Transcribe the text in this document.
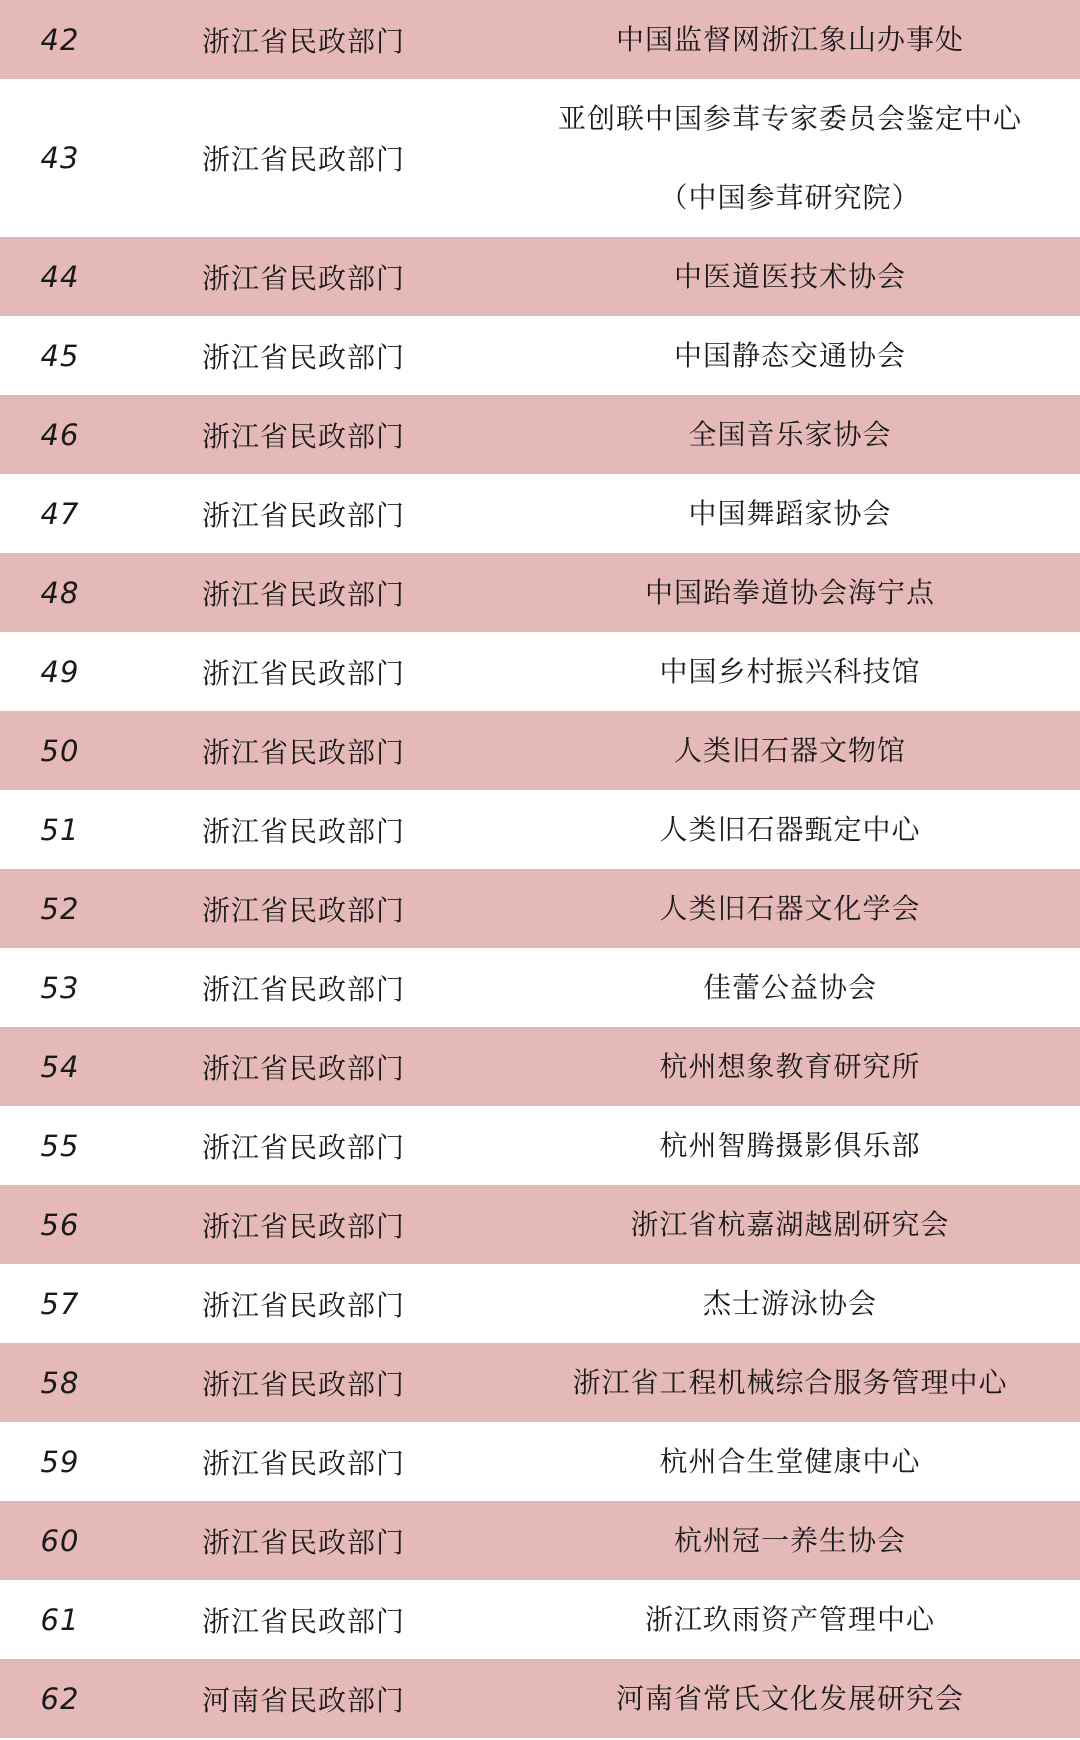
42	浙江省民政部门	中国监督网浙江象山办事处
43	浙江省民政部门
亚创联中国参茸专家委员会鉴定中心
（中国参茸研究院）
44	浙江省民政部门	中医道医技术协会
45	浙江省民政部门	中国静态交通协会
46	浙江省民政部门	全国音乐家协会
47	浙江省民政部门	中国舞蹈家协会
48	浙江省民政部门	中国跆拳道协会海宁点
49	浙江省民政部门	中国乡村振兴科技馆
50	浙江省民政部门	人类旧石器文物馆
51	浙江省民政部门	人类旧石器甄定中心
52	浙江省民政部门	人类旧石器文化学会
53	浙江省民政部门	佳蕾公益协会
54	浙江省民政部门	杭州想象教育研究所
55	浙江省民政部门	杭州智腾摄影俱乐部
56	浙江省民政部门	浙江省杭嘉湖越剧研究会
57	浙江省民政部门	杰士游泳协会
58	浙江省民政部门	浙江省工程机械综合服务管理中心
59	浙江省民政部门	杭州合生堂健康中心
60	浙江省民政部门	杭州冠一养生协会
61	浙江省民政部门	浙江玖雨资产管理中心
62	河南省民政部门	河南省常氏文化发展研究会
